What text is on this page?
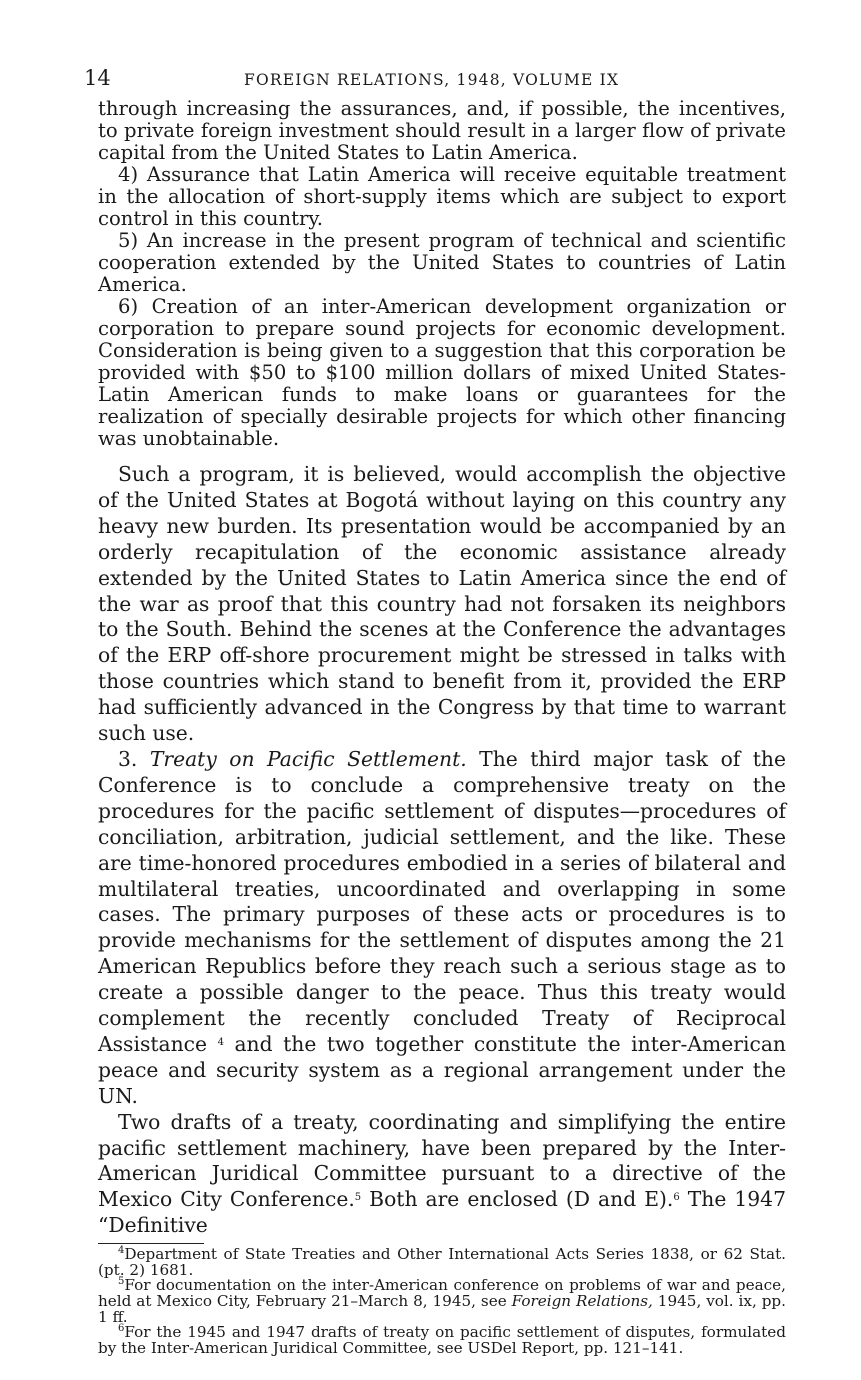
14	FOREIGN RELATIONS, 1948, VOLUME IX

through increasing the assurances, and, if possible, the incentives, to private foreign investment should result in a larger flow of private capital from the United States to Latin America.

4) Assurance that Latin America will receive equitable treatment in the allocation of short-supply items which are subject to export control in this country.

5) An increase in the present program of technical and scientific cooperation extended by the United States to countries of Latin America.

6) Creation of an inter-American development organization or corporation to prepare sound projects for economic development. Consideration is being given to a suggestion that this corporation be provided with $50 to $100 million dollars of mixed United States-Latin American funds to make loans or guarantees for the realization of specially desirable projects for which other financing was unobtainable.

Such a program, it is believed, would accomplish the objective of the United States at Bogotá without laying on this country any heavy new burden. Its presentation would be accompanied by an orderly recapitulation of the economic assistance already extended by the United States to Latin America since the end of the war as proof that this country had not forsaken its neighbors to the South. Behind the scenes at the Conference the advantages of the ERP off-shore procurement might be stressed in talks with those countries which stand to benefit from it, provided the ERP had sufficiently advanced in the Congress by that time to warrant such use.

3. Treaty on Pacific Settlement. The third major task of the Conference is to conclude a comprehensive treaty on the procedures for the pacific settlement of disputes—procedures of conciliation, arbitration, judicial settlement, and the like. These are time-honored procedures embodied in a series of bilateral and multilateral treaties, uncoordinated and overlapping in some cases. The primary purposes of these acts or procedures is to provide mechanisms for the settlement of disputes among the 21 American Republics before they reach such a serious stage as to create a possible danger to the peace. Thus this treaty would complement the recently concluded Treaty of Reciprocal Assistance $^4$ and the two together constitute the inter-American peace and security system as a regional arrangement under the UN.

Two drafts of a treaty, coordinating and simplifying the entire pacific settlement machinery, have been prepared by the Inter-American Juridical Committee pursuant to a directive of the Mexico City Conference.$^5$ Both are enclosed (D and E).$^6$ The 1947 “Definitive

$^4$Department of State Treaties and Other International Acts Series 1838, or 62 Stat. (pt. 2) 1681.

$^5$For documentation on the inter-American conference on problems of war and peace, held at Mexico City, February 21–March 8, 1945, see Foreign Relations, 1945, vol. ix, pp. 1 ff.

$^6$For the 1945 and 1947 drafts of treaty on pacific settlement of disputes, formulated by the Inter-American Juridical Committee, see USDel Report, pp. 121–141.
